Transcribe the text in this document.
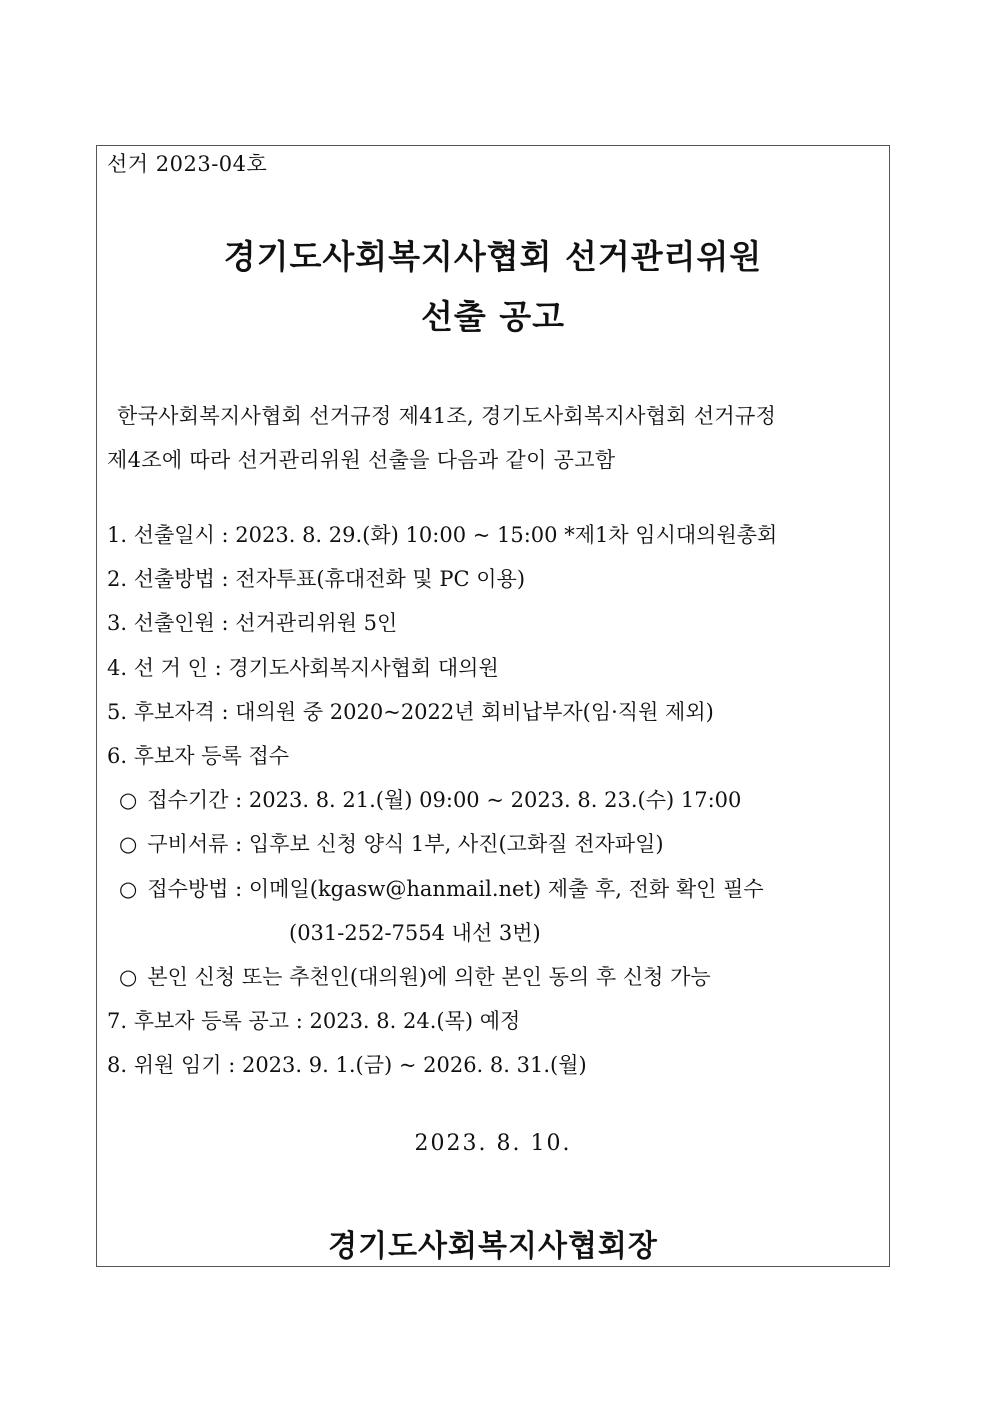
선거 2023-04호
경기도사회복지사협회 선거관리위원
선출 공고
한국사회복지사협회 선거규정 제41조, 경기도사회복지사협회 선거규정
제4조에 따라 선거관리위원 선출을 다음과 같이 공고함
1. 선출일시 : 2023. 8. 29.(화) 10:00 ~ 15:00 *제1차 임시대의원총회
2. 선출방법 : 전자투표(휴대전화 및 PC 이용)
3. 선출인원 : 선거관리위원 5인
4. 선 거 인 : 경기도사회복지사협회 대의원
5. 후보자격 : 대의원 중 2020~2022년 회비납부자(임·직원 제외)
6. 후보자 등록 접수
○ 접수기간 : 2023. 8. 21.(월) 09:00 ~ 2023. 8. 23.(수) 17:00
○ 구비서류 : 입후보 신청 양식 1부, 사진(고화질 전자파일)
○ 접수방법 : 이메일(kgasw@hanmail.net) 제출 후, 전화 확인 필수
(031-252-7554 내선 3번)
○ 본인 신청 또는 추천인(대의원)에 의한 본인 동의 후 신청 가능
7. 후보자 등록 공고 : 2023. 8. 24.(목) 예정
8. 위원 임기 : 2023. 9. 1.(금) ~ 2026. 8. 31.(월)
2023. 8. 10.
경기도사회복지사협회장
